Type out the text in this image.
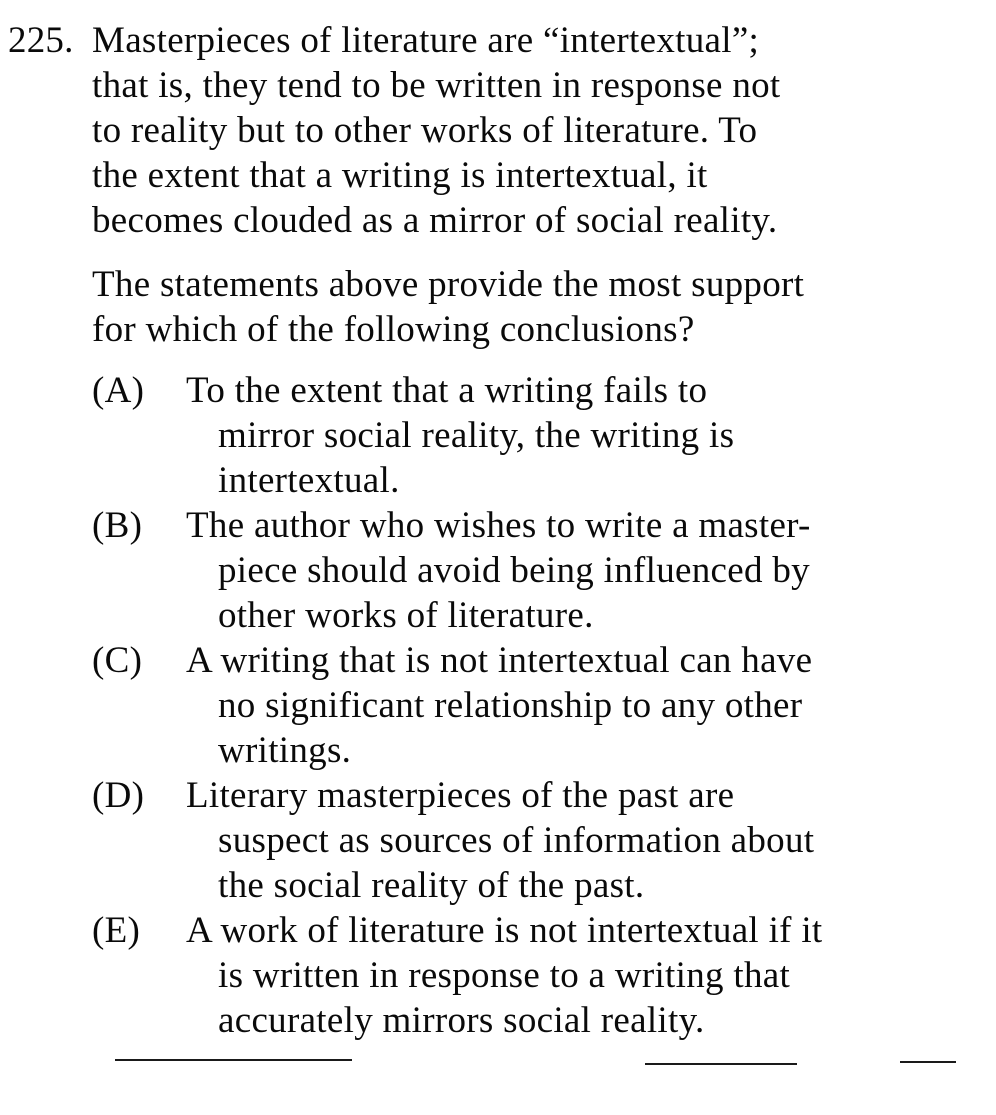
225. Masterpieces of literature are “intertextual”;
that is, they tend to be written in response not
to reality but to other works of literature. To
the extent that a writing is intertextual, it
becomes clouded as a mirror of social reality.
The statements above provide the most support
for which of the following conclusions?
(A)	To the extent that a writing fails to
mirror social reality, the writing is
intertextual.
(B)	The author who wishes to write a master-
piece should avoid being influenced by
other works of literature.
(C)	A writing that is not intertextual can have
no significant relationship to any other
writings.
(D)	Literary masterpieces of the past are
suspect as sources of information about
the social reality of the past.
(E)	A work of literature is not intertextual if it
is written in response to a writing that
accurately mirrors social reality.
